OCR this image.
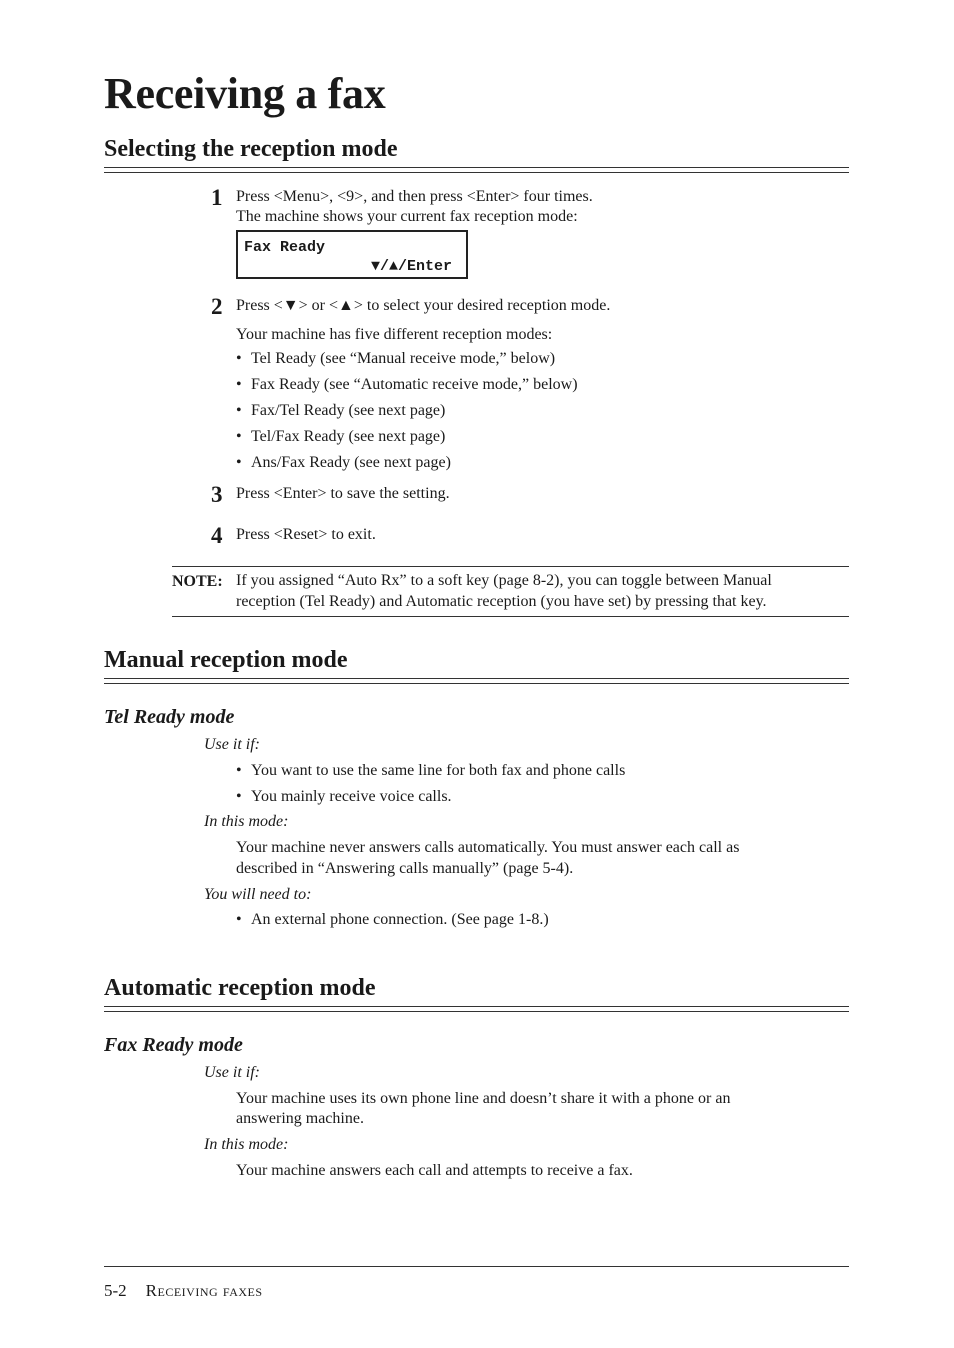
Receiving a fax
Selecting the reception mode
1 Press <Menu>, <9>, and then press <Enter> four times.
The machine shows your current fax reception mode:
Fax Ready
▼/▲/Enter
2 Press <▼> or <▲> to select your desired reception mode.
Your machine has five different reception modes:
• Tel Ready (see “Manual receive mode,” below)
• Fax Ready (see “Automatic receive mode,” below)
• Fax/Tel Ready (see next page)
• Tel/Fax Ready (see next page)
• Ans/Fax Ready (see next page)
3 Press <Enter> to save the setting.
4 Press <Reset> to exit.
NOTE: If you assigned “Auto Rx” to a soft key (page 8-2), you can toggle between Manual
reception (Tel Ready) and Automatic reception (you have set) by pressing that key.
Manual reception mode
Tel Ready mode
Use it if:
• You want to use the same line for both fax and phone calls
• You mainly receive voice calls.
In this mode:
Your machine never answers calls automatically. You must answer each call as
described in “Answering calls manually” (page 5-4).
You will need to:
• An external phone connection. (See page 1-8.)
Automatic reception mode
Fax Ready mode
Use it if:
Your machine uses its own phone line and doesn’t share it with a phone or an
answering machine.
In this mode:
Your machine answers each call and attempts to receive a fax.
5-2 Receiving faxes
